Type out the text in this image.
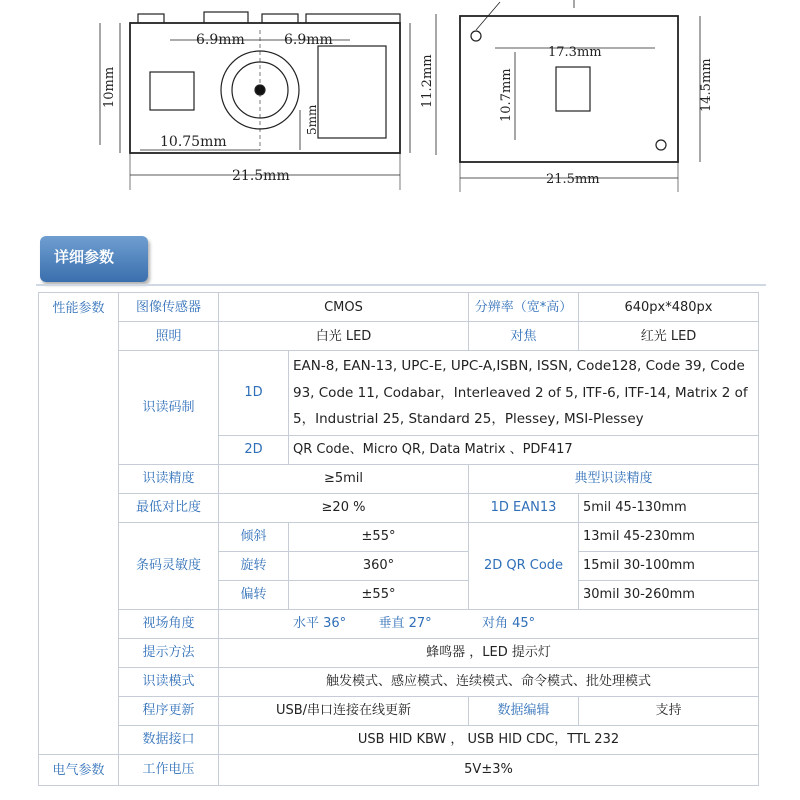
6.9mm	6.9mm
10mm	11.2mm
10.75mm
5mm
21.5mm
17.3mm
10.7mm	14.5mm
21.5mm
详细参数
性能参数	图像传感器	CMOS		分辨率（宽*高）	640px*480px
	照明	白光 LED		对焦	红光 LED
	识读码制	1D	EAN-8, EAN-13, UPC-E, UPC-A,ISBN, ISSN, Code128, Code 39, Code 93, Code 11, Codabar，Interleaved 2 of 5, ITF-6, ITF-14, Matrix 2 of 5，Industrial 25, Standard 25，Plessey, MSI-Plessey		
		2D	QR Code、Micro QR, Data Matrix 、PDF417		
	识读精度	≥5mil		典型识读精度	
	最低对比度	≥20 %		1D EAN13	5mil 45-130mm
	条码灵敏度	倾斜	±55°	2D QR Code	13mil 45-230mm
		旋转	360°		15mil 30-100mm
		偏转	±55°		30mil 30-260mm
	视场角度	水平 36° 垂直 27° 对角 45°			
	提示方法	蜂鸣器 ，LED 提示灯			
	识读模式	触发模式、感应模式、连续模式、命令模式、批处理模式			
	程序更新	USB/串口连接在线更新		数据编辑	支持
	数据接口	USB HID KBW ， USB HID CDC，TTL 232			
电气参数	工作电压	5V±3%			
